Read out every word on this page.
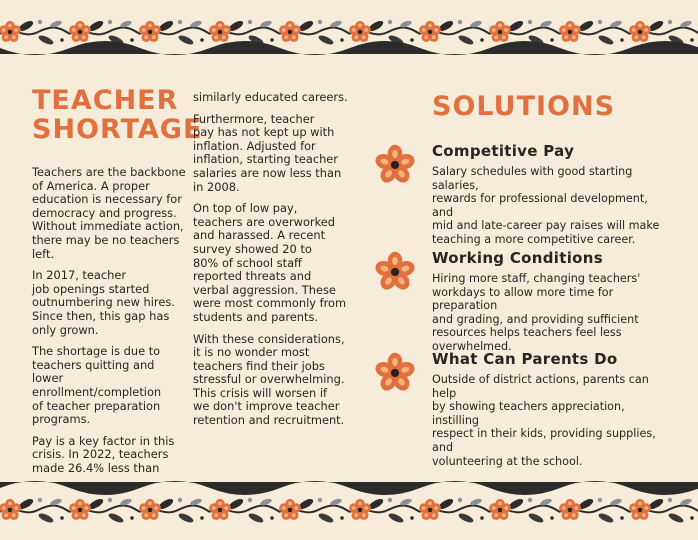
TEACHER
SHORTAGE

Teachers are the backbone
of America. A proper
education is necessary for
democracy and progress.
Without immediate action,
there may be no teachers
left.

In 2017, teacher
job openings started
outnumbering new hires.
Since then, this gap has
only grown.

The shortage is due to
teachers quitting and lower
enrollment/completion
of teacher preparation
programs.

Pay is a key factor in this
crisis. In 2022, teachers
made 26.4% less than

similarly educated careers.

Furthermore, teacher
pay has not kept up with
inflation. Adjusted for
inflation, starting teacher
salaries are now less than
in 2008.

On top of low pay,
teachers are overworked
and harassed. A recent
survey showed 20 to
80% of school staff
reported threats and
verbal aggression. These
were most commonly from
students and parents.

With these considerations,
it is no wonder most
teachers find their jobs
stressful or overwhelming.
This crisis will worsen if
we don't improve teacher
retention and recruitment.

SOLUTIONS
Competitive Pay
Salary schedules with good starting salaries,
rewards for professional development, and
mid and late-career pay raises will make
teaching a more competitive career.
Working Conditions
Hiring more staff, changing teachers'
workdays to allow more time for preparation
and grading, and providing sufficient
resources helps teachers feel less
overwhelmed.
What Can Parents Do
Outside of district actions, parents can help
by showing teachers appreciation, instilling
respect in their kids, providing supplies, and
volunteering at the school.
